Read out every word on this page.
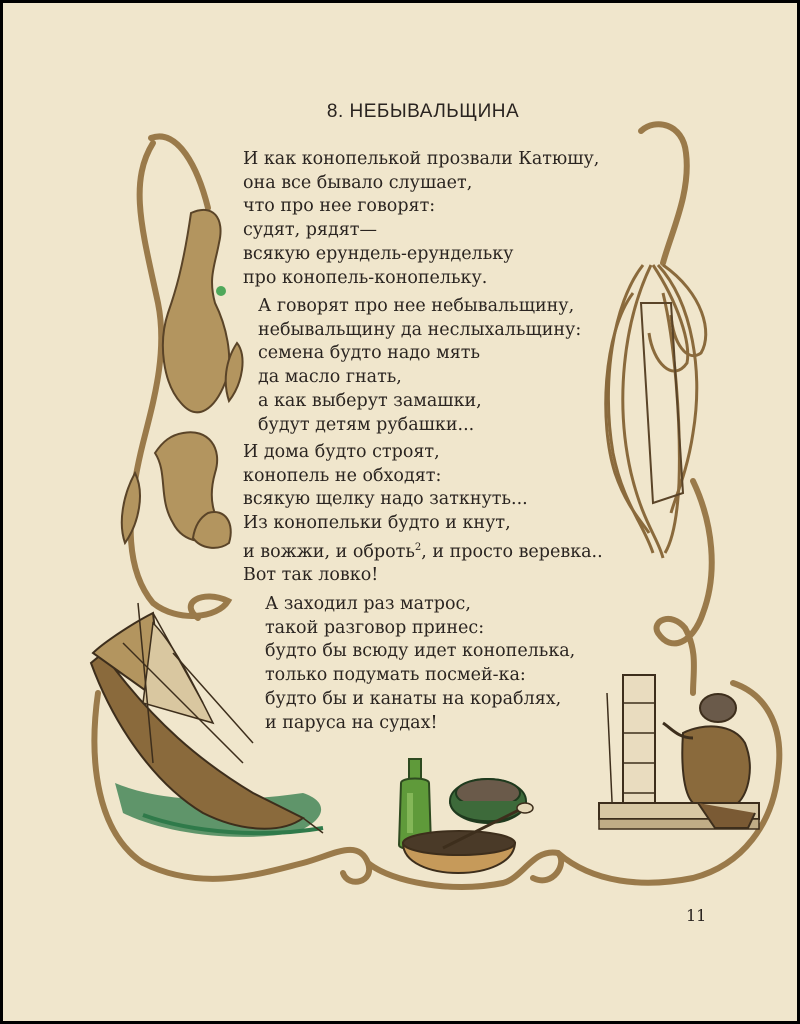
8. НЕБЫВАЛЬЩИНА
И как конопелькой прозвали Катюшу,
она все бывало слушает,
что про нее говорят:
судят, рядят—
всякую ерундель-ерундельку
про конопель-конопельку.
А говорят про нее небывальщину,
небывальщину да неслыхальщину:
семена будто надо мять
да масло гнать,
а как выберут замашки,
будут детям рубашки...
И дома будто строят,
конопель не обходят:
всякую щелку надо заткнуть...
Из конопельки будто и кнут,
и вожжи, и оброть$^2$, и просто веревка..
Вот так ловко!
А заходил раз матрос,
такой разговор принес:
будто бы всюду идет конопелька,
только подумать посмей-ка:
будто бы и канаты на кораблях,
и паруса на судах!
11
